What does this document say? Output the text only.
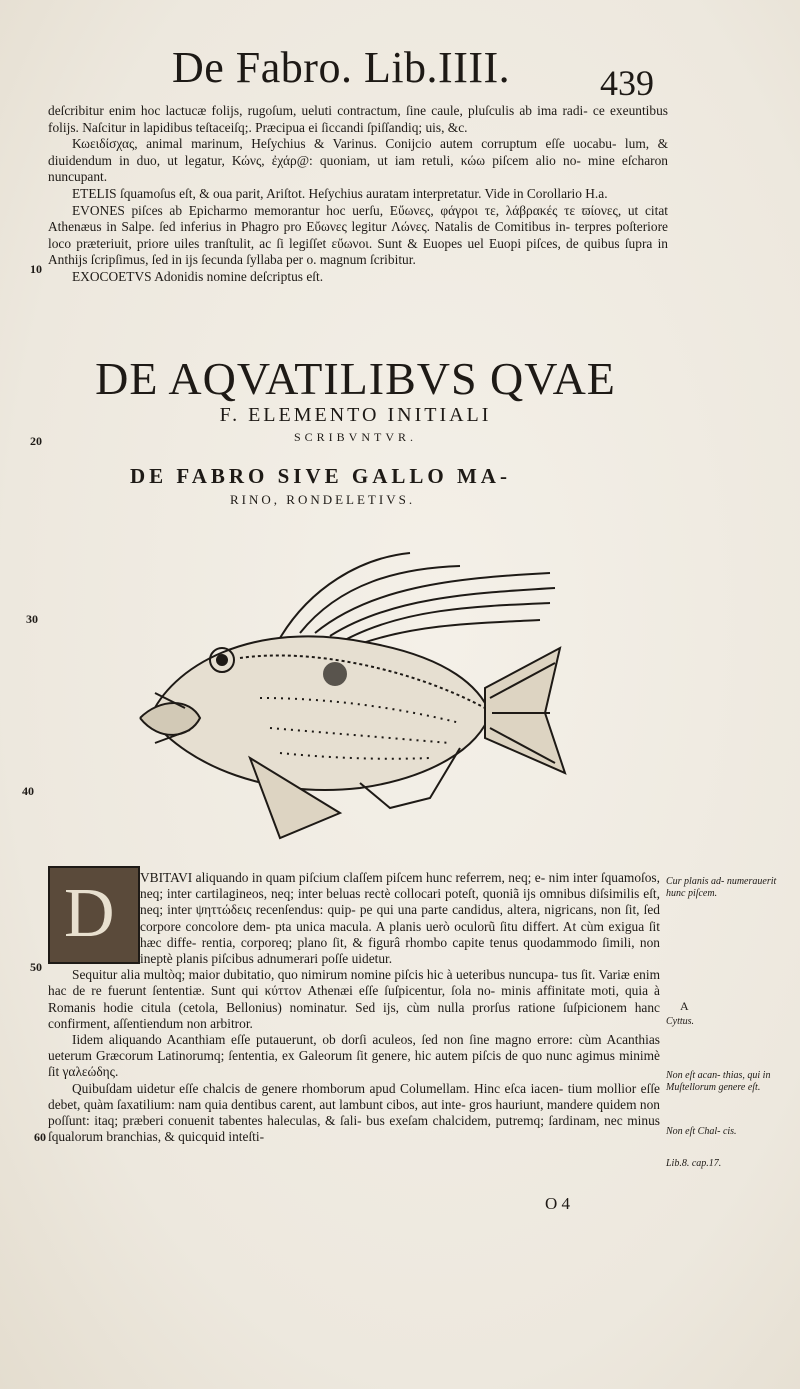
De Fabro. Lib.IIII. 439

deſcribitur enim hoc lactucæ folijs, rugoſum, ueluti contractum, ſine caule, pluſculis ab ima radi- ce exeuntibus folijs. Naſcitur in lapidibus teſtaceiſq;. Præcipua ei ſiccandi ſpiſſandiq; uis, &c.

Κωειδίσχας, animal marinum, Heſychius & Varinus. Conijcio autem corruptum eſſe uocabu- lum, & diuidendum in duo, ut legatur, Κώνς, ἐχάρ@: quoniam, ut iam retuli, κώω piſcem alio no- mine eſcharon nuncupant.

ETELIS ſquamoſus eſt, & oua parit, Ariſtot. Heſychius auratam interpretatur. Vide in Corollario H.a.

EVONES piſces ab Epicharmo memorantur hoc uerſu, Εὔωνες, φάγροι τε, λάβρακές τε ϖίονες, ut citat Athenæus in Salpe. ſed inferius in Phagro pro Εὔωνες legitur Λώνες. Natalis de Comitibus in- terpres poſteriore loco præteriuit, priore uiles tranſtulit, ac ſi legiſſet εὔωνοι. Sunt & Euopes uel Euopi piſces, de quibus ſupra in Anthijs ſcripſimus, ſed in ijs ſecunda ſyllaba per o. magnum ſcribitur.

EXOCOETVS Adonidis nomine deſcriptus eſt.

10
DE AQVATILIBVS QVAE
F. ELEMENTO INITIALI
SCRIBVNTVR.
20
DE FABRO SIVE GALLO MA-
RINO, RONDELETIVS.
30
40
D	VBITAVI aliquando in quam piſcium claſſem piſcem hunc referrem, neq; e- nim inter ſquamoſos, neq; inter cartilagineos, neq; inter beluas rectè collocari poteſt, quoniã ijs omnibus diſsimilis eſt, neq; inter ψηττώδεις recenſendus: quip- pe qui una parte candidus, altera, nigricans, non ſit, ſed corpore concolore dem- pta unica macula. A planis uerò oculorũ ſitu differt. At cùm exigua ſit hæc diffe- rentia, corporeq; plano ſit, & figurâ rhombo capite tenus quodammodo ſimili, non ineptè planis piſcibus adnumerari poſſe uidetur.

Sequitur alia multòq; maior dubitatio, quo nimirum nomine piſcis hic à ueteribus nuncupa- tus ſit. Variæ enim hac de re fuerunt ſententiæ. Sunt qui κύττον Athenæi eſſe ſuſpicentur, ſola no- minis affinitate moti, quia à Romanis hodie citula (cetola, Bellonius) nominatur. Sed ijs, cùm nulla prorſus ratione ſuſpicionem hanc confirment, aſſentiendum non arbitror.

Iidem aliquando Acanthiam eſſe putauerunt, ob dorſi aculeos, ſed non ſine magno errore: cùm Acanthias ueterum Græcorum Latinorumq; ſententia, ex Galeorum ſit genere, hic autem piſcis de quo nunc agimus minimè ſit γαλεώδης.

Quibuſdam uidetur eſſe chalcis de genere rhomborum apud Columellam. Hinc eſca iacen- tium mollior eſſe debet, quàm ſaxatilium: nam quia dentibus carent, aut lambunt cibos, aut inte- gros hauriunt, mandere quidem non poſſunt: itaq; præberi conuenit tabentes haleculas, & ſali- bus exeſam chalcidem, putremq; ſardinam, nec minus ſqualorum branchias, & quicquid inteſti-

50
60
Cur planis ad- numerauerit hunc piſcem.
A
Cyttus.
Non eſt acan- thias, qui in Muſtellorum genere eſt.
Non eſt Chal- cis.
Lib.8. cap.17.
O 4
